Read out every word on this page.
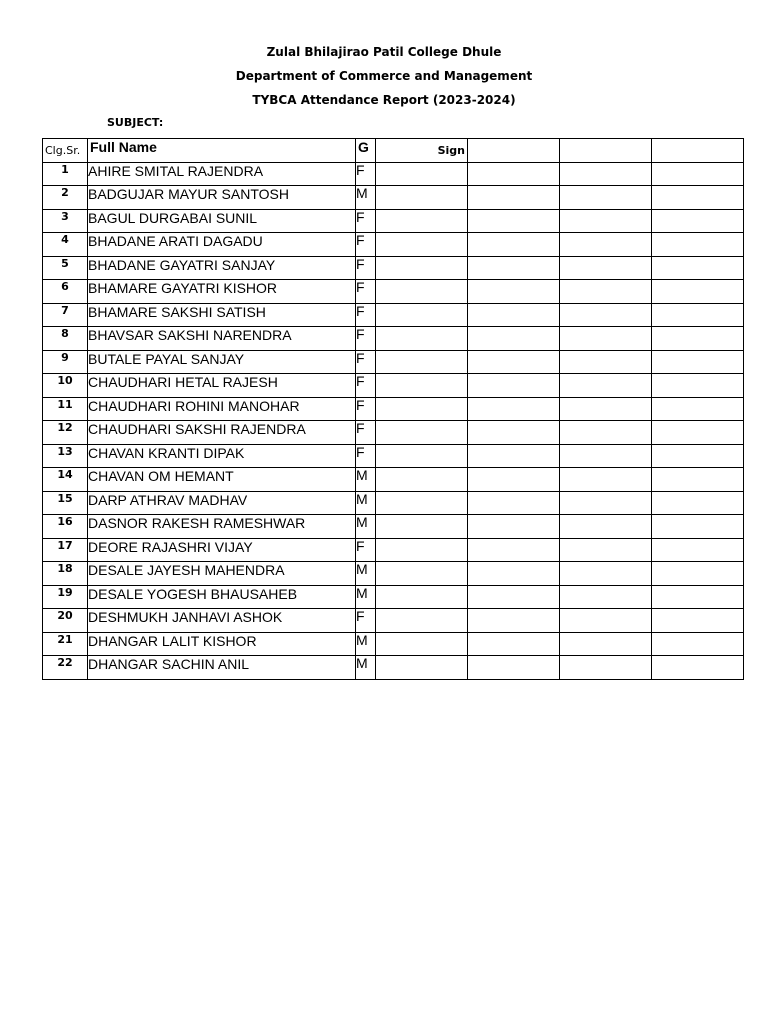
Zulal Bhilajirao Patil College Dhule
Department of Commerce and Management
TYBCA Attendance Report (2023-2024)
SUBJECT:
Clg.Sr.	Full Name	G	Sign			
1	AHIRE SMITAL RAJENDRA	F				
2	BADGUJAR MAYUR SANTOSH	M				
3	BAGUL DURGABAI SUNIL	F				
4	BHADANE ARATI DAGADU	F				
5	BHADANE GAYATRI SANJAY	F				
6	BHAMARE GAYATRI KISHOR	F				
7	BHAMARE SAKSHI SATISH	F				
8	BHAVSAR SAKSHI NARENDRA	F				
9	BUTALE PAYAL SANJAY	F				
10	CHAUDHARI HETAL RAJESH	F				
11	CHAUDHARI ROHINI MANOHAR	F				
12	CHAUDHARI SAKSHI RAJENDRA	F				
13	CHAVAN KRANTI DIPAK	F				
14	CHAVAN OM HEMANT	M				
15	DARP ATHRAV MADHAV	M				
16	DASNOR RAKESH RAMESHWAR	M				
17	DEORE RAJASHRI VIJAY	F				
18	DESALE JAYESH MAHENDRA	M				
19	DESALE YOGESH BHAUSAHEB	M				
20	DESHMUKH JANHAVI ASHOK	F				
21	DHANGAR LALIT KISHOR	M				
22	DHANGAR SACHIN ANIL	M				
